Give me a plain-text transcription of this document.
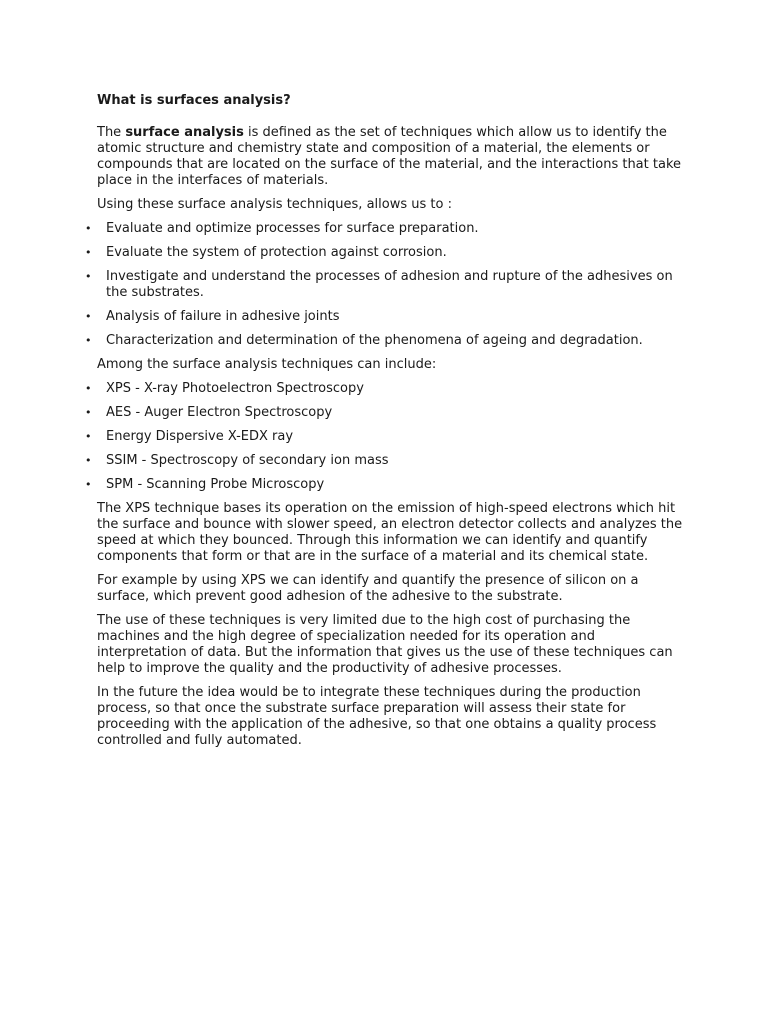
What is surfaces analysis?

The surface analysis is defined as the set of techniques which allow us to identify the atomic structure and chemistry state and composition of a material, the elements or compounds that are located on the surface of the material, and the interactions that take place in the interfaces of materials.

Using these surface analysis techniques, allows us to :

• Evaluate and optimize processes for surface preparation.
• Evaluate the system of protection against corrosion.
• Investigate and understand the processes of adhesion and rupture of the adhesives on the substrates.
• Analysis of failure in adhesive joints
• Characterization and determination of the phenomena of ageing and degradation.

Among the surface analysis techniques can include:

• XPS - X-ray Photoelectron Spectroscopy
• AES - Auger Electron Spectroscopy
• Energy Dispersive X-EDX ray
• SSIM - Spectroscopy of secondary ion mass
• SPM - Scanning Probe Microscopy

The XPS technique bases its operation on the emission of high-speed electrons which hit the surface and bounce with slower speed, an electron detector collects and analyzes the speed at which they bounced. Through this information we can identify and quantify components that form or that are in the surface of a material and its chemical state.

For example by using XPS we can identify and quantify the presence of silicon on a surface, which prevent good adhesion of the adhesive to the substrate.

The use of these techniques is very limited due to the high cost of purchasing the machines and the high degree of specialization needed for its operation and interpretation of data. But the information that gives us the use of these techniques can help to improve the quality and the productivity of adhesive processes.

In the future the idea would be to integrate these techniques during the production process, so that once the substrate surface preparation will assess their state for proceeding with the application of the adhesive, so that one obtains a quality process controlled and fully automated.
